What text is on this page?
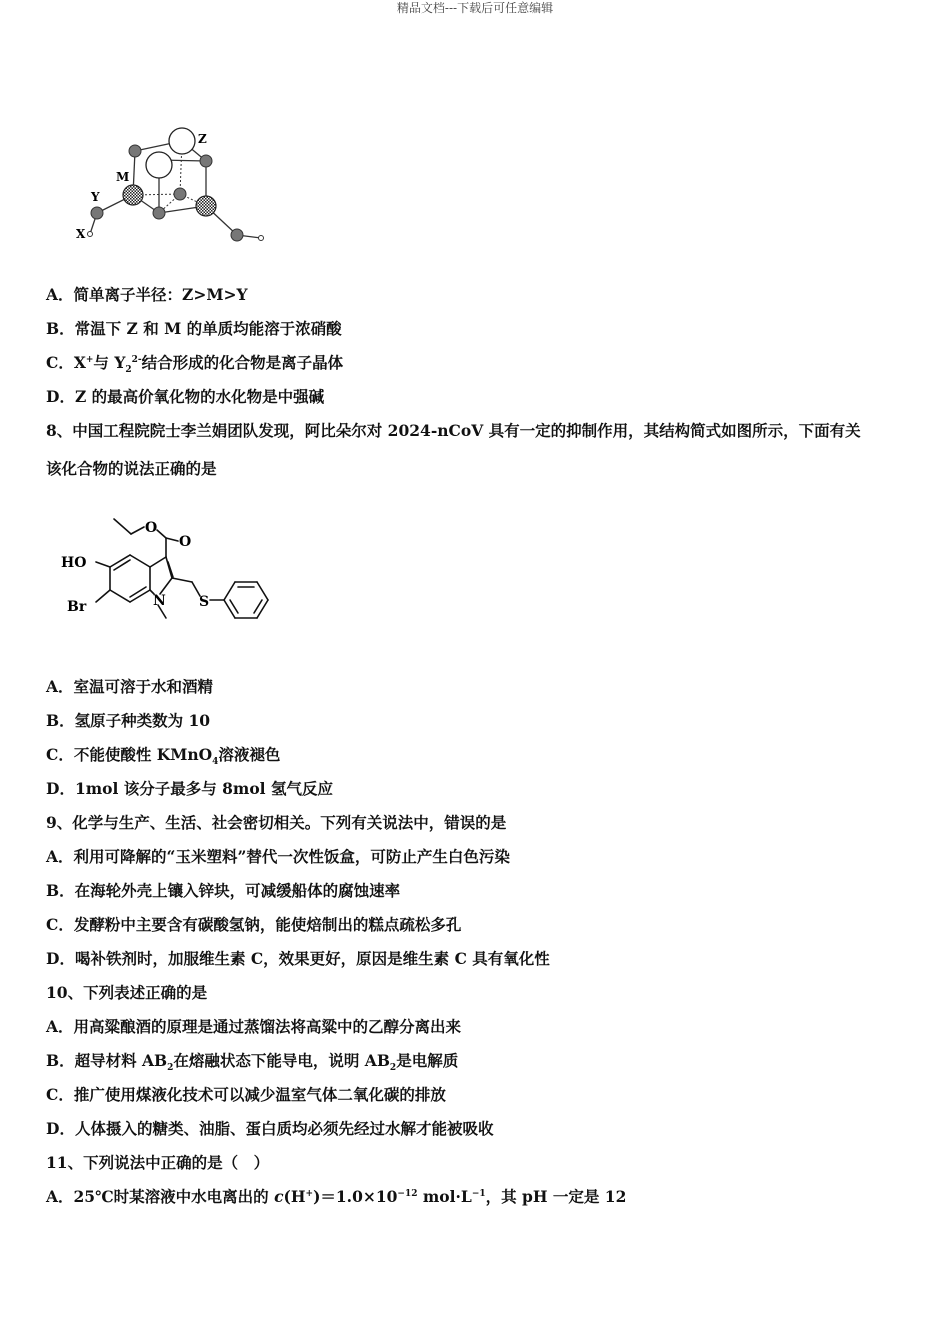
精品文档---下载后可任意编辑
Z
M
Y
X
A．简单离子半径：Z>M>Y
B．常温下 Z 和 M 的单质均能溶于浓硝酸
C．X+与 $Y_2^{2-}$结合形成的化合物是离子晶体
D．Z 的最高价氧化物的水化物是中强碱
8、中国工程院院士李兰娟团队发现，阿比朵尔对 2024-nCoV 具有一定的抑制作用，其结构简式如图所示，下面有关
该化合物的说法正确的是
O
O
HO
Br	N S
A．室温可溶于水和酒精
B．氢原子种类数为 10
C．不能使酸性 KMnO$_4$溶液褪色
D．1mol 该分子最多与 8mol 氢气反应
9、化学与生产、生活、社会密切相关。下列有关说法中，错误的是
A．利用可降解的“玉米塑料”替代一次性饭盒，可防止产生白色污染
B．在海轮外壳上镶入锌块，可减缓船体的腐蚀速率
C．发酵粉中主要含有碳酸氢钠，能使焙制出的糕点疏松多孔
D．喝补铁剂时，加服维生素 C，效果更好，原因是维生素 C 具有氧化性
10、下列表述正确的是
A．用高粱酿酒的原理是通过蒸馏法将高粱中的乙醇分离出来
B．超导材料 $AB_2$在熔融状态下能导电，说明 $AB_2$是电解质
C．推广使用煤液化技术可以减少温室气体二氧化碳的排放
D．人体摄入的糖类、油脂、蛋白质均必须先经过水解才能被吸收
11、下列说法中正确的是（　）
A．25℃时某溶液中水电离出的 $c(H^+)=1.0\times 10^{-12}$ $mol\cdot L^{-1}$，其 pH 一定是 12
